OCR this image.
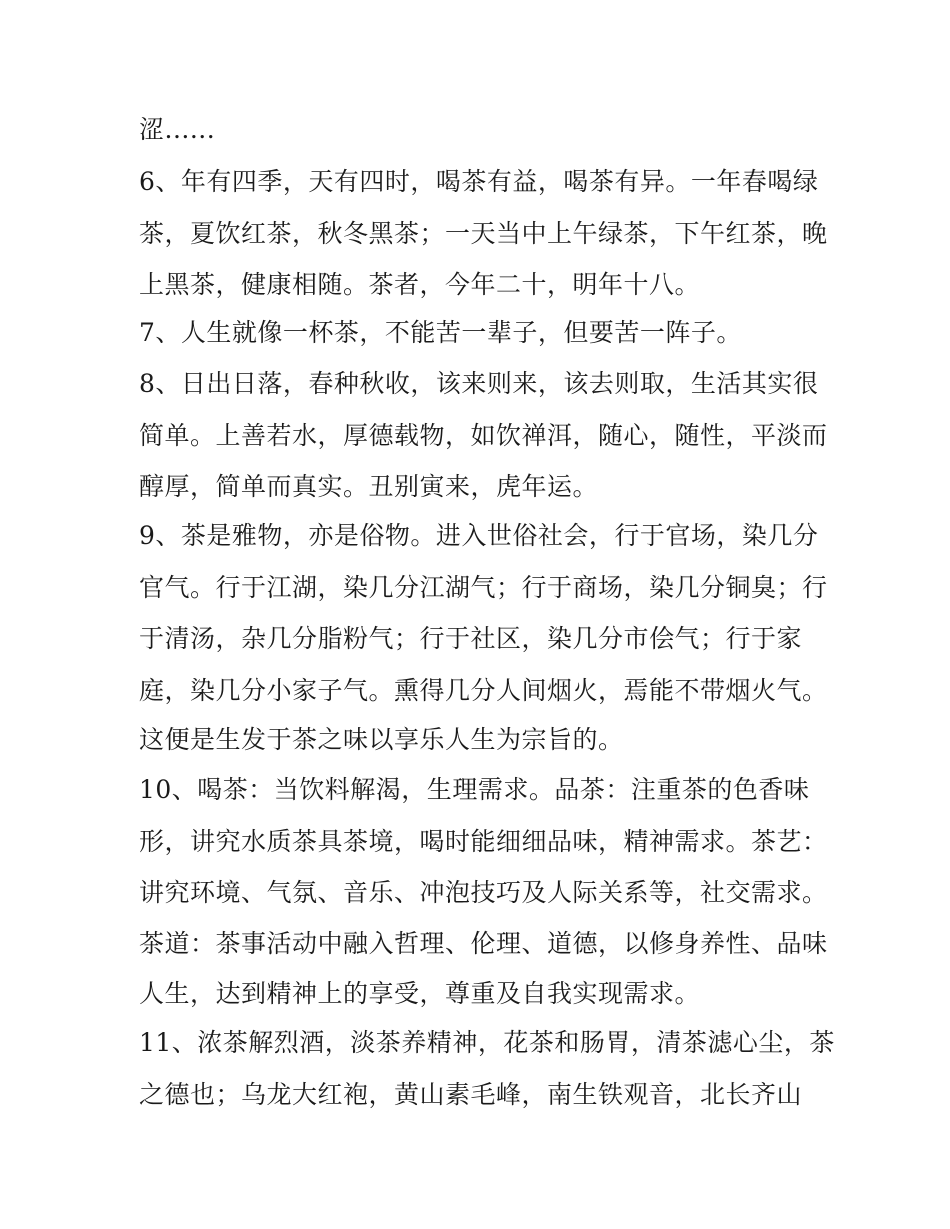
涩......
6、年有四季，天有四时，喝茶有益，喝茶有异。一年春喝绿
茶，夏饮红茶，秋冬黑茶；一天当中上午绿茶，下午红茶，晚
上黑茶，健康相随。茶者，今年二十，明年十八。
7、人生就像一杯茶，不能苦一辈子，但要苦一阵子。
8、日出日落，春种秋收，该来则来，该去则取，生活其实很
简单。上善若水，厚德载物，如饮禅洱，随心，随性，平淡而
醇厚，简单而真实。丑别寅来，虎年运。
9、茶是雅物，亦是俗物。进入世俗社会，行于官场，染几分
官气。行于江湖，染几分江湖气；行于商场，染几分铜臭；行
于清汤，杂几分脂粉气；行于社区，染几分市侩气；行于家
庭，染几分小家子气。熏得几分人间烟火，焉能不带烟火气。
这便是生发于茶之味以享乐人生为宗旨的。
10、喝茶：当饮料解渴，生理需求。品茶：注重茶的色香味
形，讲究水质茶具茶境，喝时能细细品味，精神需求。茶艺：
讲究环境、气氛、音乐、冲泡技巧及人际关系等，社交需求。
茶道：茶事活动中融入哲理、伦理、道德，以修身养性、品味
人生，达到精神上的享受，尊重及自我实现需求。
11、浓茶解烈酒，淡茶养精神，花茶和肠胃，清茶滤心尘，茶
之德也；乌龙大红袍，黄山素毛峰，南生铁观音，北长齐山
